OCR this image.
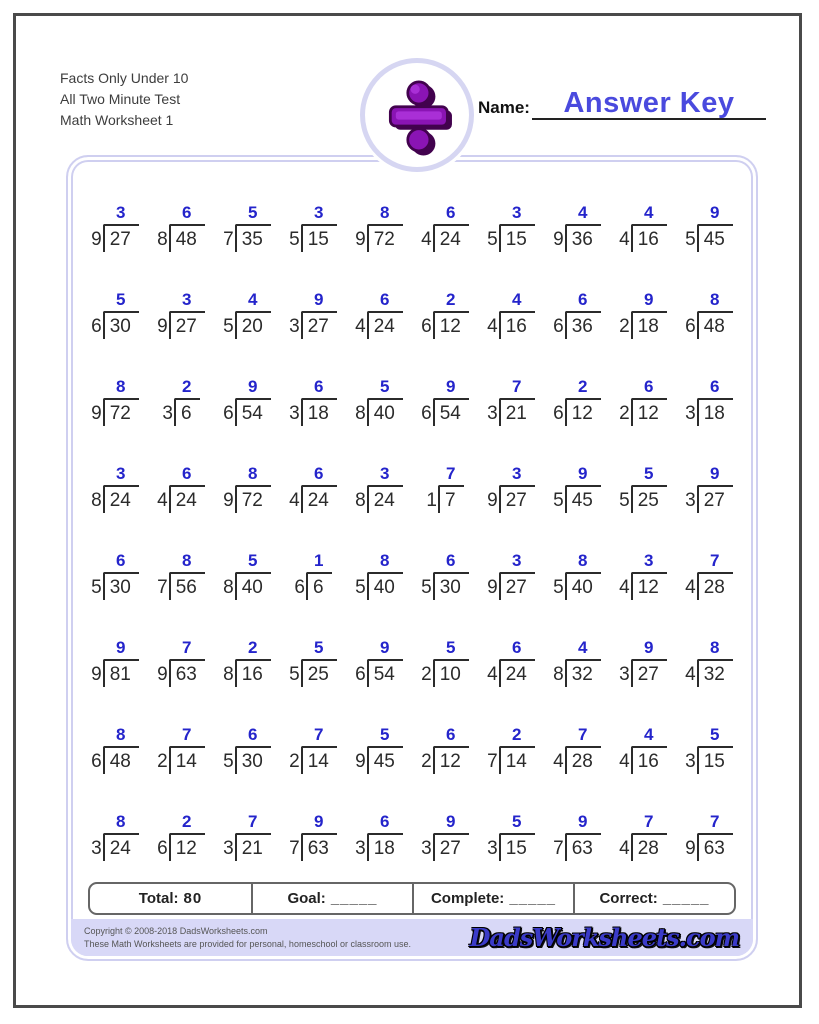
Facts Only Under 10
All Two Minute Test
Math Worksheet 1
Name:	Answer Key
3
9 27
6
8 48
5
7 35
3
5 15
8
9 72
6
4 24
3
5 15
4
9 36
4
4 16
9
5 45
5
6 30
3
9 27
4
5 20
9
3 27
6
4 24
2
6 12
4
4 16
6
6 36
9
2 18
8
6 48
8
9 72
2
3 6
9
6 54
6
3 18
5
8 40
9
6 54
7
3 21
2
6 12
6
2 12
6
3 18
3
8 24
6
4 24
8
9 72
6
4 24
3
8 24
7
1 7
3
9 27
9
5 45
5
5 25
9
3 27
6
5 30
8
7 56
5
8 40
1
6 6
8
5 40
6
5 30
3
9 27
8
5 40
3
4 12
7
4 28
9
9 81
7
9 63
2
8 16
5
5 25
9
6 54
5
2 10
6
4 24
4
8 32
9
3 27
8
4 32
8
6 48
7
2 14
6
5 30
7
2 14
5
9 45
6
2 12
2
7 14
7
4 28
4
4 16
5
3 15
8
3 24
2
6 12
7
3 21
9
7 63
6
3 18
9
3 27
5
3 15
9
7 63
7
4 28
7
9 63
Total: 80	Goal: _____	Complete: _____	Correct: _____
Copyright © 2008-2018 DadsWorksheets.com
These Math Worksheets are provided for personal, homeschool or classroom use.	DadsWorksheets.com
